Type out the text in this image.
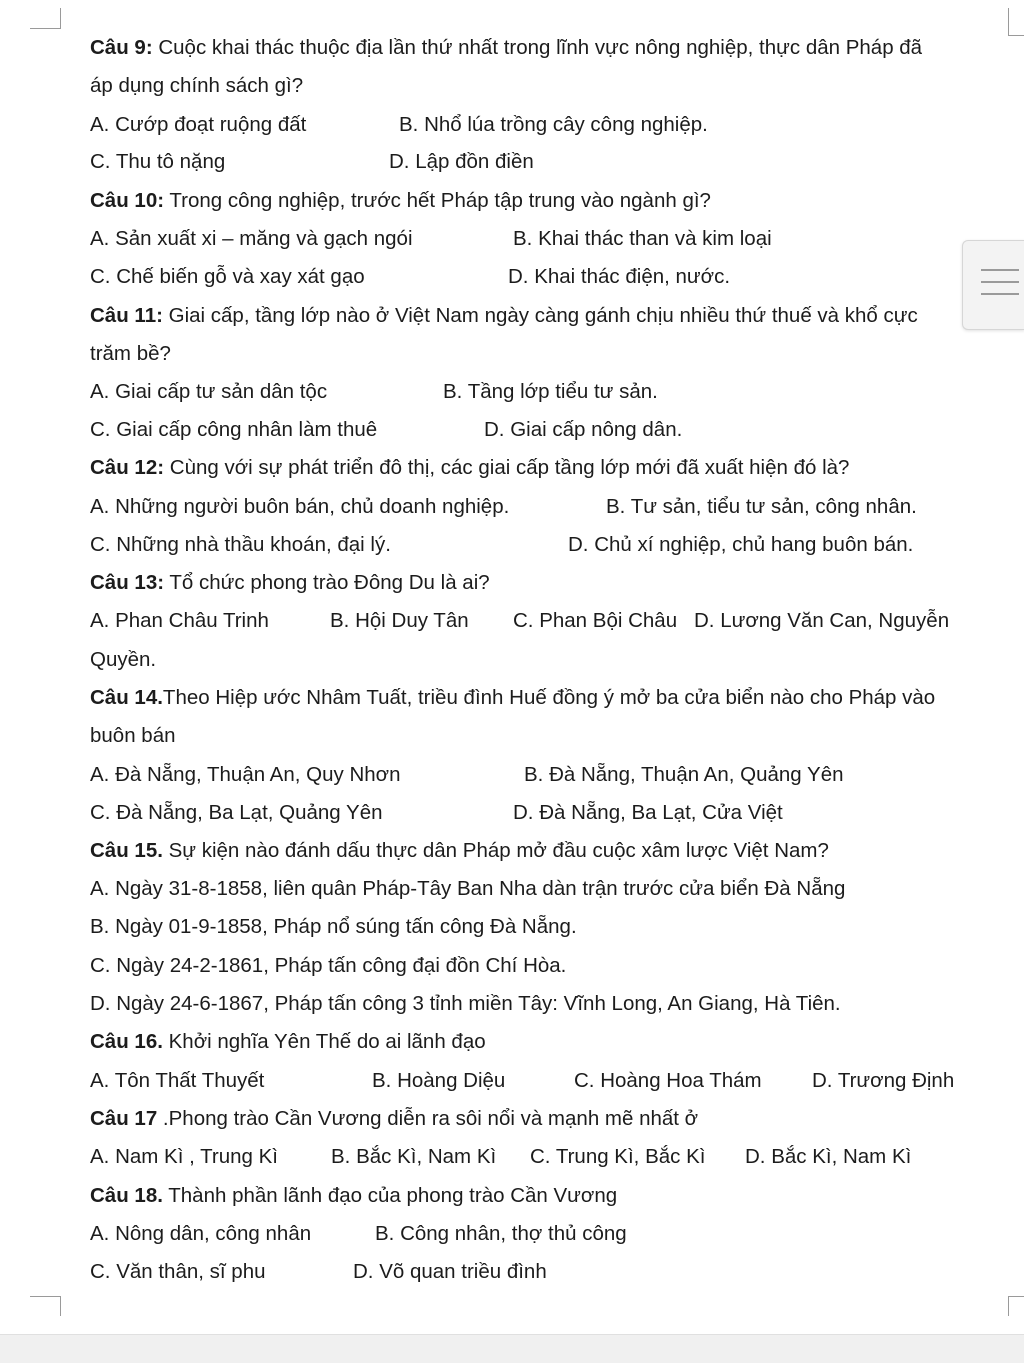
Câu 9: Cuộc khai thác thuộc địa lần thứ nhất trong lĩnh vực nông nghiệp, thực dân Pháp đã
áp dụng chính sách gì?
A. Cướp đoạt ruộng đất	B. Nhổ lúa trồng cây công nghiệp.
C. Thu tô nặng	D. Lập đồn điền
Câu 10: Trong công nghiệp, trước hết Pháp tập trung vào ngành gì?
A. Sản xuất xi – măng và gạch ngói	B. Khai thác than và kim loại
C. Chế biến gỗ và xay xát gạo	D. Khai thác điện, nước.
Câu 11: Giai cấp, tầng lớp nào ở Việt Nam ngày càng gánh chịu nhiều thứ thuế và khổ cực
trăm bề?
A. Giai cấp tư sản dân tộc	B. Tầng lớp tiểu tư sản.
C. Giai cấp công nhân làm thuê	D. Giai cấp nông dân.
Câu 12: Cùng với sự phát triển đô thị, các giai cấp tầng lớp mới đã xuất hiện đó là?
A. Những người buôn bán, chủ doanh nghiệp.	B. Tư sản, tiểu tư sản, công nhân.
C. Những nhà thầu khoán, đại lý.	D. Chủ xí nghiệp, chủ hang buôn bán.
Câu 13: Tổ chức phong trào Đông Du là ai?
A. Phan Châu Trinh	B. Hội Duy Tân C. Phan Bội Châu D. Lương Văn Can, Nguyễn
Quyền.
Câu 14.Theo Hiệp ước Nhâm Tuất, triều đình Huế đồng ý mở ba cửa biển nào cho Pháp vào
buôn bán
A. Đà Nẵng, Thuận An, Quy Nhơn	B. Đà Nẵng, Thuận An, Quảng Yên
C. Đà Nẵng, Ba Lạt, Quảng Yên	D. Đà Nẵng, Ba Lạt, Cửa Việt
Câu 15. Sự kiện nào đánh dấu thực dân Pháp mở đầu cuộc xâm lược Việt Nam?
A. Ngày 31-8-1858, liên quân Pháp-Tây Ban Nha dàn trận trước cửa biển Đà Nẵng
B. Ngày 01-9-1858, Pháp nổ súng tấn công Đà Nẵng.
C. Ngày 24-2-1861, Pháp tấn công đại đồn Chí Hòa.
D. Ngày 24-6-1867, Pháp tấn công 3 tỉnh miền Tây: Vĩnh Long, An Giang, Hà Tiên.
Câu 16. Khởi nghĩa Yên Thế do ai lãnh đạo
A. Tôn Thất Thuyết	B. Hoàng Diệu	C. Hoàng Hoa Thám D. Trương Định
Câu 17 .Phong trào Cần Vương diễn ra sôi nổi và mạnh mẽ nhất ở
A. Nam Kì , Trung Kì	B. Bắc Kì, Nam Kì C. Trung Kì, Bắc Kì D. Bắc Kì, Nam Kì
Câu 18. Thành phần lãnh đạo của phong trào Cần Vương
A. Nông dân, công nhân	B. Công nhân, thợ thủ công
C. Văn thân, sĩ phu	D. Võ quan triều đình
